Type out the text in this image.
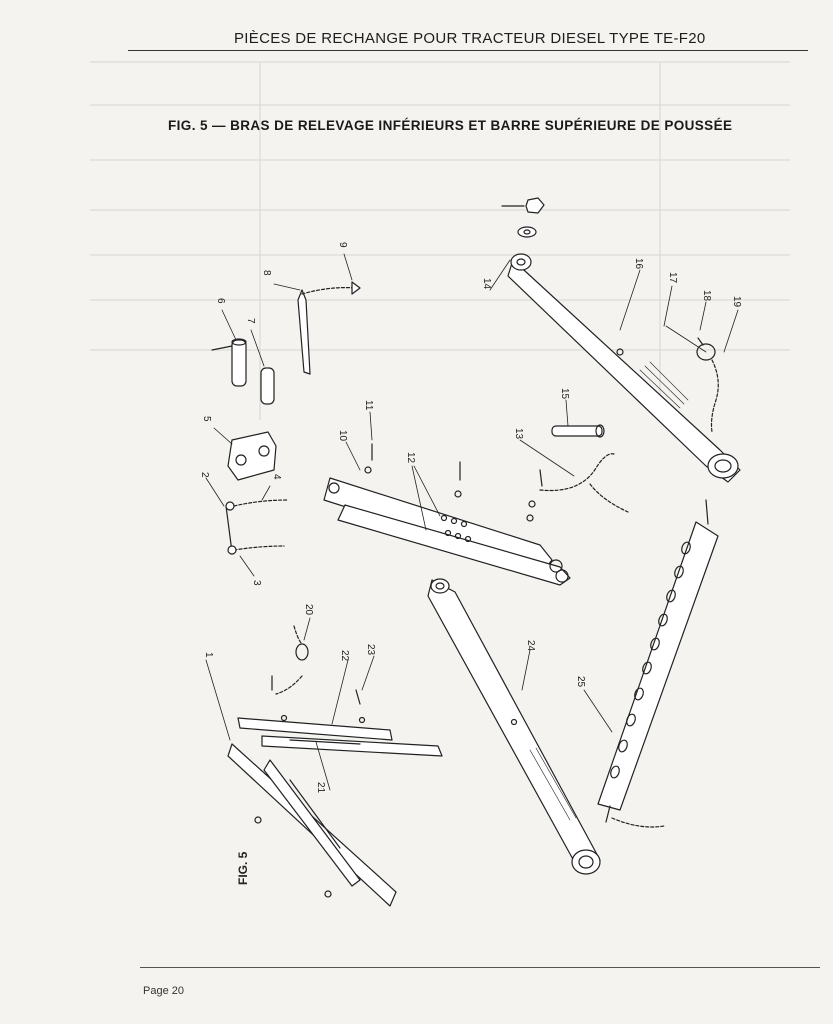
PIÈCES DE RECHANGE POUR TRACTEUR DIESEL TYPE TE-F20
FIG. 5 — BRAS DE RELEVAGE INFÉRIEURS ET BARRE SUPÉRIEURE DE POUSSÉE
1
2
3
4
5
6
7
8
9
10
11
12
13
14
15
16
17
18
19
20
21
22
23	24
25
FIG. 5
Page 20
